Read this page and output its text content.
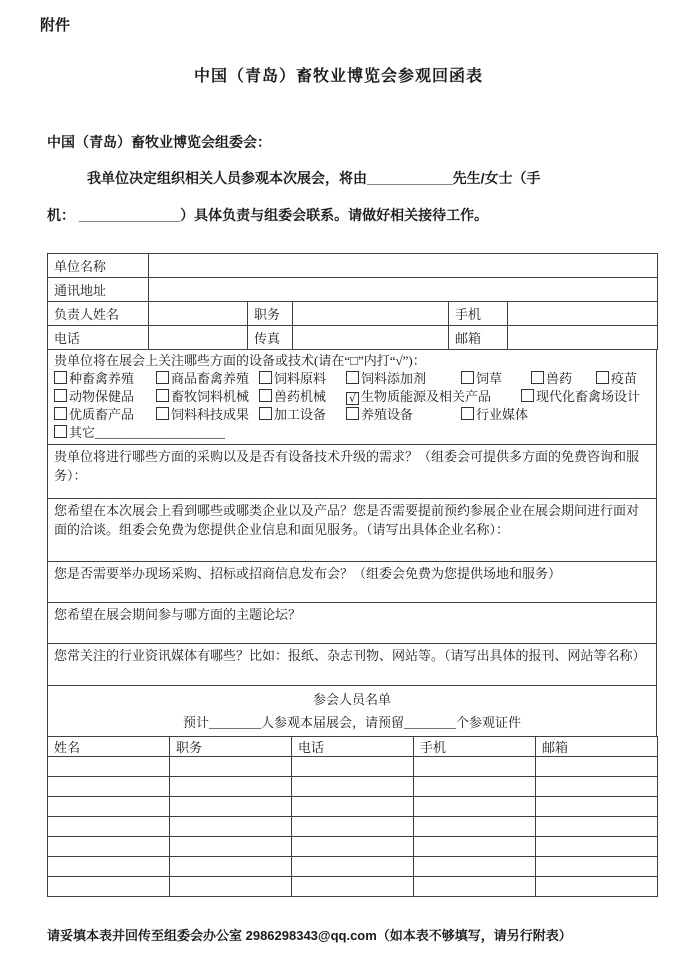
附件
中国（青岛）畜牧业博览会参观回函表
中国（青岛）畜牧业博览会组委会：
我单位决定组织相关人员参观本次展会，将由___________先生/女士（手
机： _____________）具体负责与组委会联系。请做好相关接待工作。
单位名称					
通讯地址					
负责人姓名		职务		手机	
电话		传真		邮箱	
贵单位将在展会上关注哪些方面的设备或技术(请在“□”内打“√”)：
种畜禽养殖	商品畜禽养殖 饲料原料	饲料添加剂	饲草	兽药	疫苗
动物保健品	畜牧饲料机械 兽药机械 √ 生物质能源及相关产品	现代化畜禽场设计
优质畜产品	饲料科技成果 加工设备	养殖设备	行业媒体
其它____________________

贵单位将进行哪些方面的采购以及是否有设备技术升级的需求？（组委会可提供多方面的免费咨询和服务）：
您希望在本次展会上看到哪些或哪类企业以及产品？您是否需要提前预约参展企业在展会期间进行面对面的洽谈。组委会免费为您提供企业信息和面见服务。（请写出具体企业名称）：
您是否需要举办现场采购、招标或招商信息发布会？（组委会免费为您提供场地和服务）
您希望在展会期间参与哪方面的主题论坛？
您常关注的行业资讯媒体有哪些？比如：报纸、杂志刊物、网站等。（请写出具体的报刊、网站等名称）

参会人员名单
预计________人参观本届展会，请预留________个参观证件
姓名	职务	电话	手机	邮箱

请妥填本表并回传至组委会办公室 2986298343@qq.com（如本表不够填写，请另行附表）
